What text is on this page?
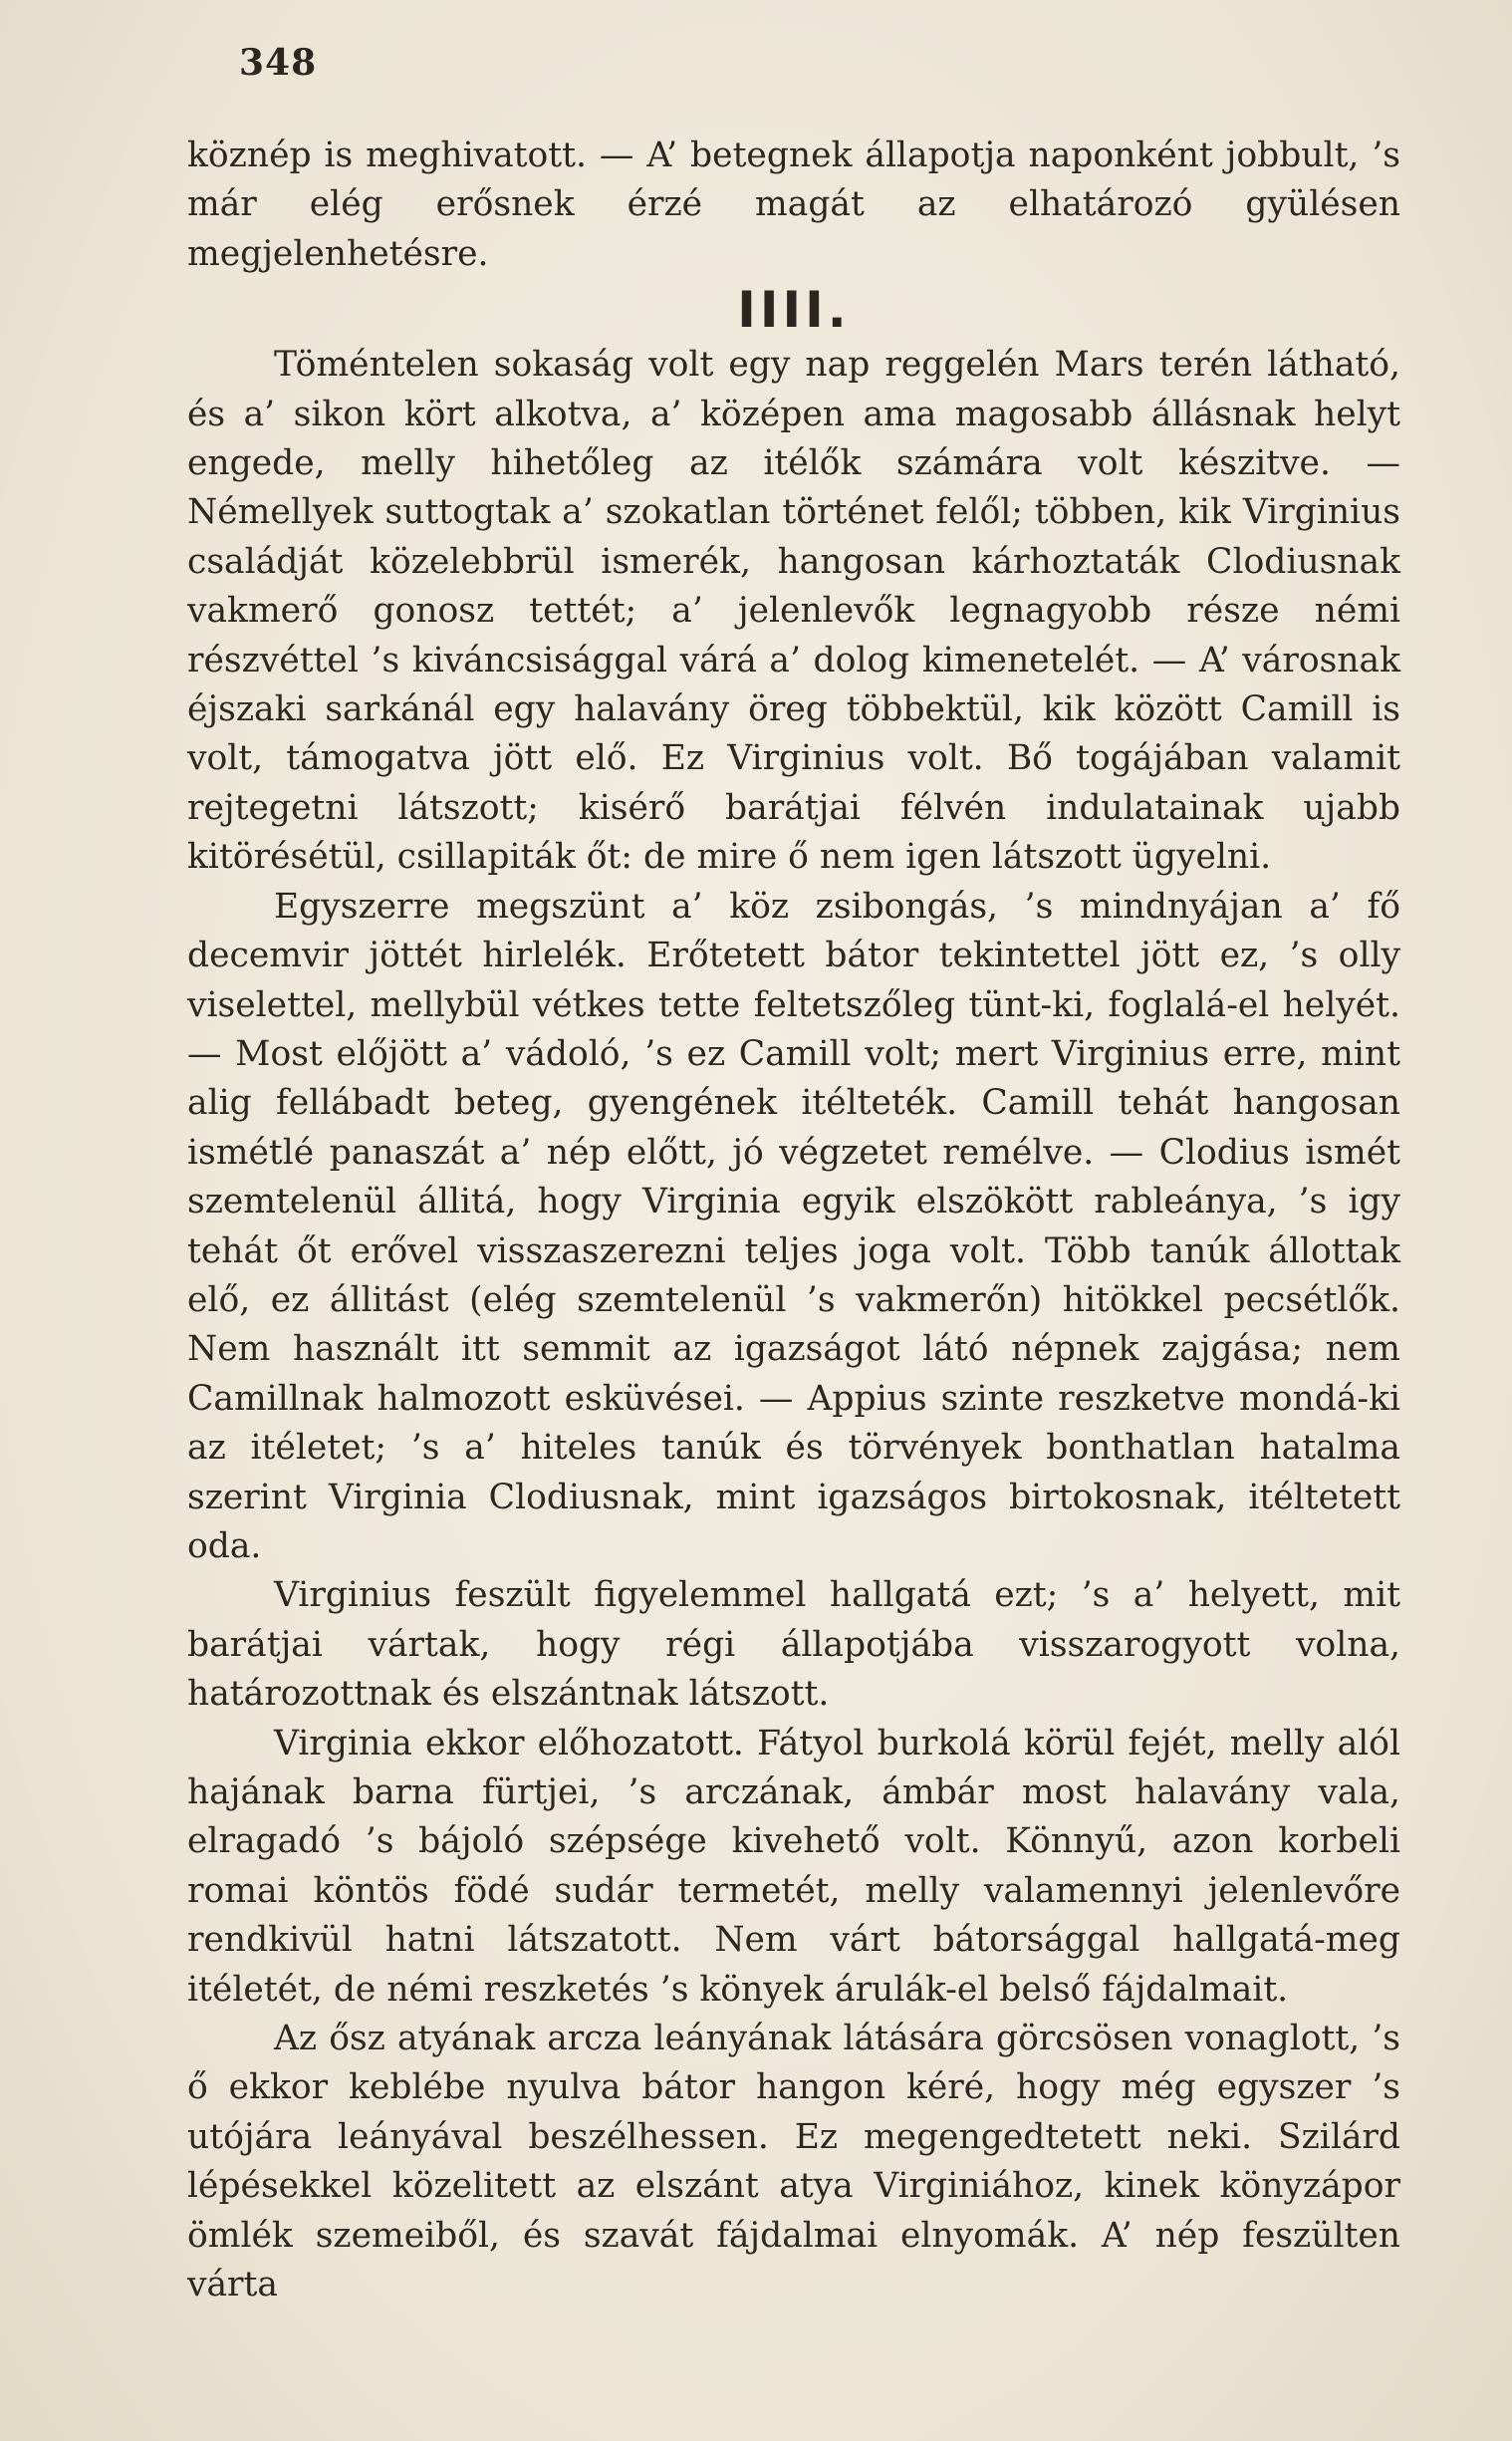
348

köznép is meghivatott. — A’ betegnek állapotja naponként jobbult, ’s már elég erősnek érzé magát az elhatározó gyülésen megjelenhetésre.

IIII.

Töméntelen sokaság volt egy nap reggelén Mars terén látható, és a’ sikon kört alkotva, a’ középen ama magosabb állásnak helyt engede, melly hihetőleg az itélők számára volt készitve. — Némellyek suttogtak a’ szokatlan történet felől; többen, kik Virginius családját közelebbrül ismerék, hangosan kárhoztaták Clodiusnak vakmerő gonosz tettét; a’ jelenlevők legnagyobb része némi részvéttel ’s kiváncsisággal várá a’ dolog kimenetelét. — A’ városnak éjszaki sarkánál egy halavány öreg többektül, kik között Camill is volt, támogatva jött elő. Ez Virginius volt. Bő togájában valamit rejtegetni látszott; kisérő barátjai félvén indulatainak ujabb kitörésétül, csillapiták őt: de mire ő nem igen látszott ügyelni.

Egyszerre megszünt a’ köz zsibongás, ’s mindnyájan a’ fő decemvir jöttét hirlelék. Erőtetett bátor tekintettel jött ez, ’s olly viselettel, mellybül vétkes tette feltetszőleg tünt-ki, foglalá-el helyét. — Most előjött a’ vádoló, ’s ez Camill volt; mert Virginius erre, mint alig fellábadt beteg, gyengének itélteték. Camill tehát hangosan ismétlé panaszát a’ nép előtt, jó végzetet remélve. — Clodius ismét szemtelenül állitá, hogy Virginia egyik elszökött rableánya, ’s igy tehát őt erővel visszaszerezni teljes joga volt. Több tanúk állottak elő, ez állitást (elég szemtelenül ’s vakmerőn) hitökkel pecsétlők. Nem használt itt semmit az igazságot látó népnek zajgása; nem Camillnak halmozott esküvései. — Appius szinte reszketve mondá-ki az itéletet; ’s a’ hiteles tanúk és törvények bonthatlan hatalma szerint Virginia Clodiusnak, mint igazságos birtokosnak, itéltetett oda.

Virginius feszült figyelemmel hallgatá ezt; ’s a’ helyett, mit barátjai vártak, hogy régi állapotjába visszarogyott volna, határozottnak és elszántnak látszott.

Virginia ekkor előhozatott. Fátyol burkolá körül fejét, melly alól hajának barna fürtjei, ’s arczának, ámbár most halavány vala, elragadó ’s bájoló szépsége kivehető volt. Könnyű, azon korbeli romai köntös födé sudár termetét, melly valamennyi jelenlevőre rendkivül hatni látszatott. Nem várt bátorsággal hallgatá-meg itéletét, de némi reszketés ’s könyek árulák-el belső fájdalmait.

Az ősz atyának arcza leányának látására görcsösen vonaglott, ’s ő ekkor keblébe nyulva bátor hangon kéré, hogy még egyszer ’s utójára leányával beszélhessen. Ez megengedtetett neki. Szilárd lépésekkel közelitett az elszánt atya Virginiához, kinek könyzápor ömlék szemeiből, és szavát fájdalmai elnyomák. A’ nép feszülten várta
